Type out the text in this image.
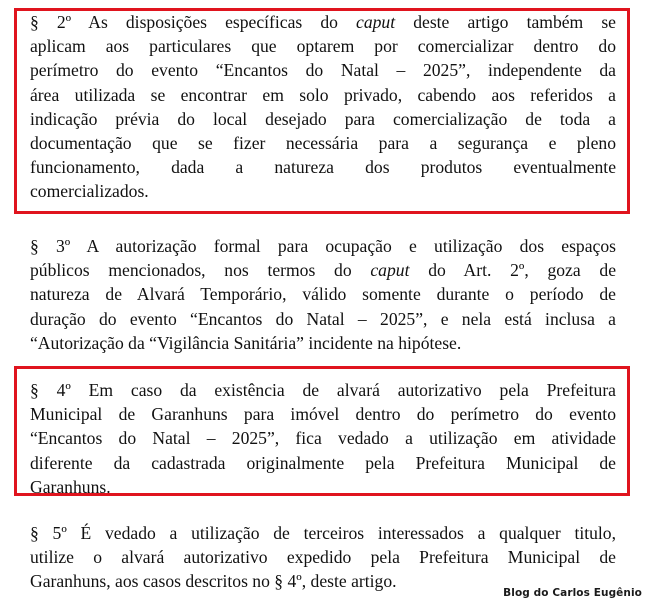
§ 2º As disposições específicas do caput deste artigo também se
aplicam aos particulares que optarem por comercializar dentro do
perímetro do evento “Encantos do Natal – 2025”, independente da
área utilizada se encontrar em solo privado, cabendo aos referidos a
indicação prévia do local desejado para comercialização de toda a
documentação que se fizer necessária para a segurança e pleno
funcionamento, dada a natureza dos produtos eventualmente
comercializados.
§ 3º A autorização formal para ocupação e utilização dos espaços
públicos mencionados, nos termos do caput do Art. 2º, goza de
natureza de Alvará Temporário, válido somente durante o período de
duração do evento “Encantos do Natal – 2025”, e nela está inclusa a
“Autorização da “Vigilância Sanitária” incidente na hipótese.
§ 4º Em caso da existência de alvará autorizativo pela Prefeitura
Municipal de Garanhuns para imóvel dentro do perímetro do evento
“Encantos do Natal – 2025”, fica vedado a utilização em atividade
diferente da cadastrada originalmente pela Prefeitura Municipal de
Garanhuns.
§ 5º É vedado a utilização de terceiros interessados a qualquer titulo,
utilize o alvará autorizativo expedido pela Prefeitura Municipal de
Garanhuns, aos casos descritos no § 4º, deste artigo.
Blog do Carlos Eugênio
